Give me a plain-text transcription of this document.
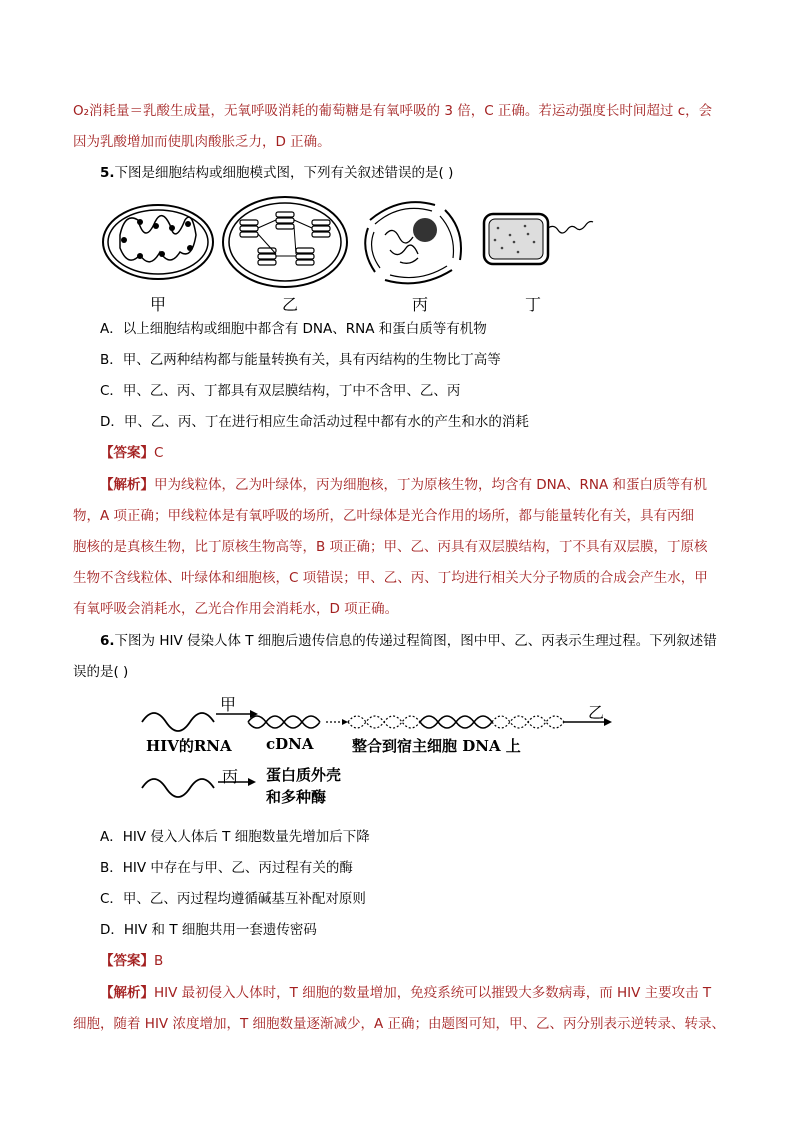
O₂消耗量＝乳酸生成量，无氧呼吸消耗的葡萄糖是有氧呼吸的 3 倍，C 正确。若运动强度长时间超过 c，会
因为乳酸增加而使肌肉酸胀乏力，D 正确。
5.下图是细胞结构或细胞模式图，下列有关叙述错误的是( )
甲	乙	丙	丁
A．以上细胞结构或细胞中都含有 DNA、RNA 和蛋白质等有机物
B．甲、乙两种结构都与能量转换有关，具有丙结构的生物比丁高等
C．甲、乙、丙、丁都具有双层膜结构，丁中不含甲、乙、丙
D．甲、乙、丙、丁在进行相应生命活动过程中都有水的产生和水的消耗
【答案】C
【解析】甲为线粒体，乙为叶绿体，丙为细胞核，丁为原核生物，均含有 DNA、RNA 和蛋白质等有机
物，A 项正确；甲线粒体是有氧呼吸的场所，乙叶绿体是光合作用的场所，都与能量转化有关，具有丙细
胞核的是真核生物，比丁原核生物高等，B 项正确；甲、乙、丙具有双层膜结构，丁不具有双层膜，丁原核
生物不含线粒体、叶绿体和细胞核，C 项错误；甲、乙、丙、丁均进行相关大分子物质的合成会产生水，甲
有氧呼吸会消耗水，乙光合作用会消耗水，D 项正确。
6.下图为 HIV 侵染人体 T 细胞后遗传信息的传递过程简图，图中甲、乙、丙表示生理过程。下列叙述错
误的是( )
甲	乙
HIV的RNA cDNA	整合到宿主细胞 DNA 上
丙 蛋白质外壳
和多种酶
A．HIV 侵入人体后 T 细胞数量先增加后下降
B．HIV 中存在与甲、乙、丙过程有关的酶
C．甲、乙、丙过程均遵循碱基互补配对原则
D．HIV 和 T 细胞共用一套遗传密码
【答案】B
【解析】HIV 最初侵入人体时，T 细胞的数量增加，免疫系统可以摧毁大多数病毒，而 HIV 主要攻击 T
细胞，随着 HIV 浓度增加，T 细胞数量逐渐减少，A 正确；由题图可知，甲、乙、丙分别表示逆转录、转录、
